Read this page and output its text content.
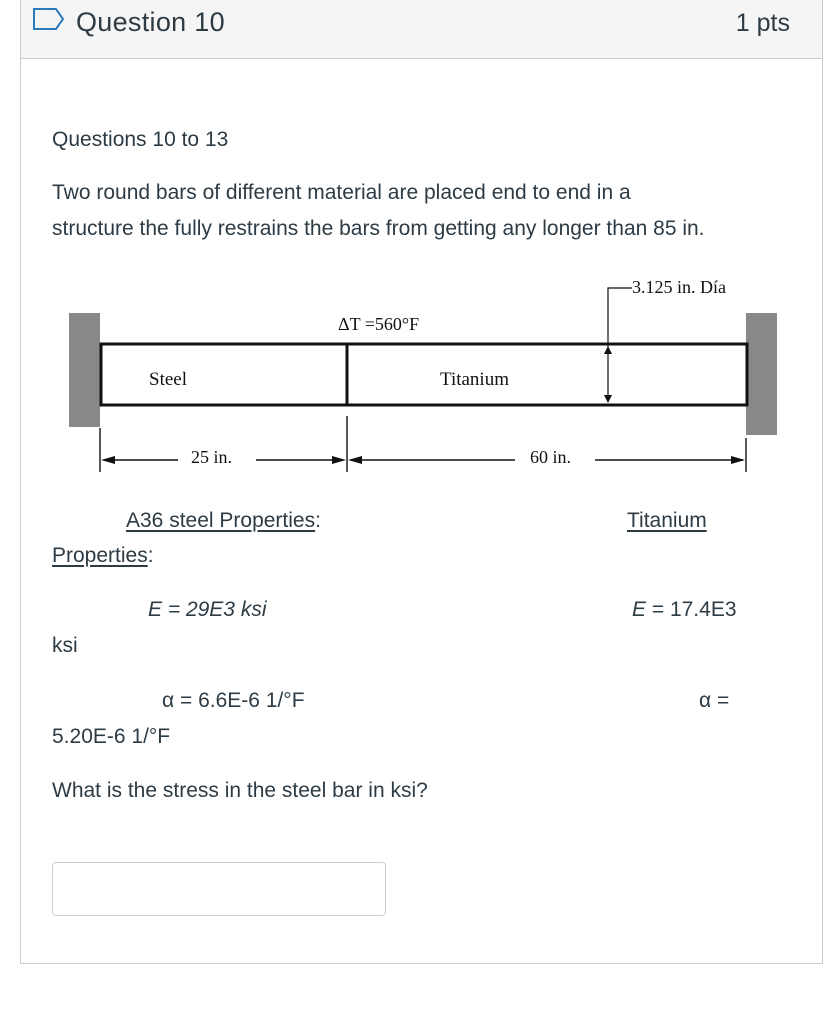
Question 10	1 pts
Questions 10 to 13
Two round bars of different material are placed end to end in a
structure the fully restrains the bars from getting any longer than 85 in.
3.125 in. Día
ΔT =560°F
Steel	Titanium
25 in.	60 in.
A36 steel Properties:	Titanium
Properties:
E = 29E3 ksi	E = 17.4E3
ksi
α = 6.6E-6 1/°F	α =
5.20E-6 1/°F
What is the stress in the steel bar in ksi?
